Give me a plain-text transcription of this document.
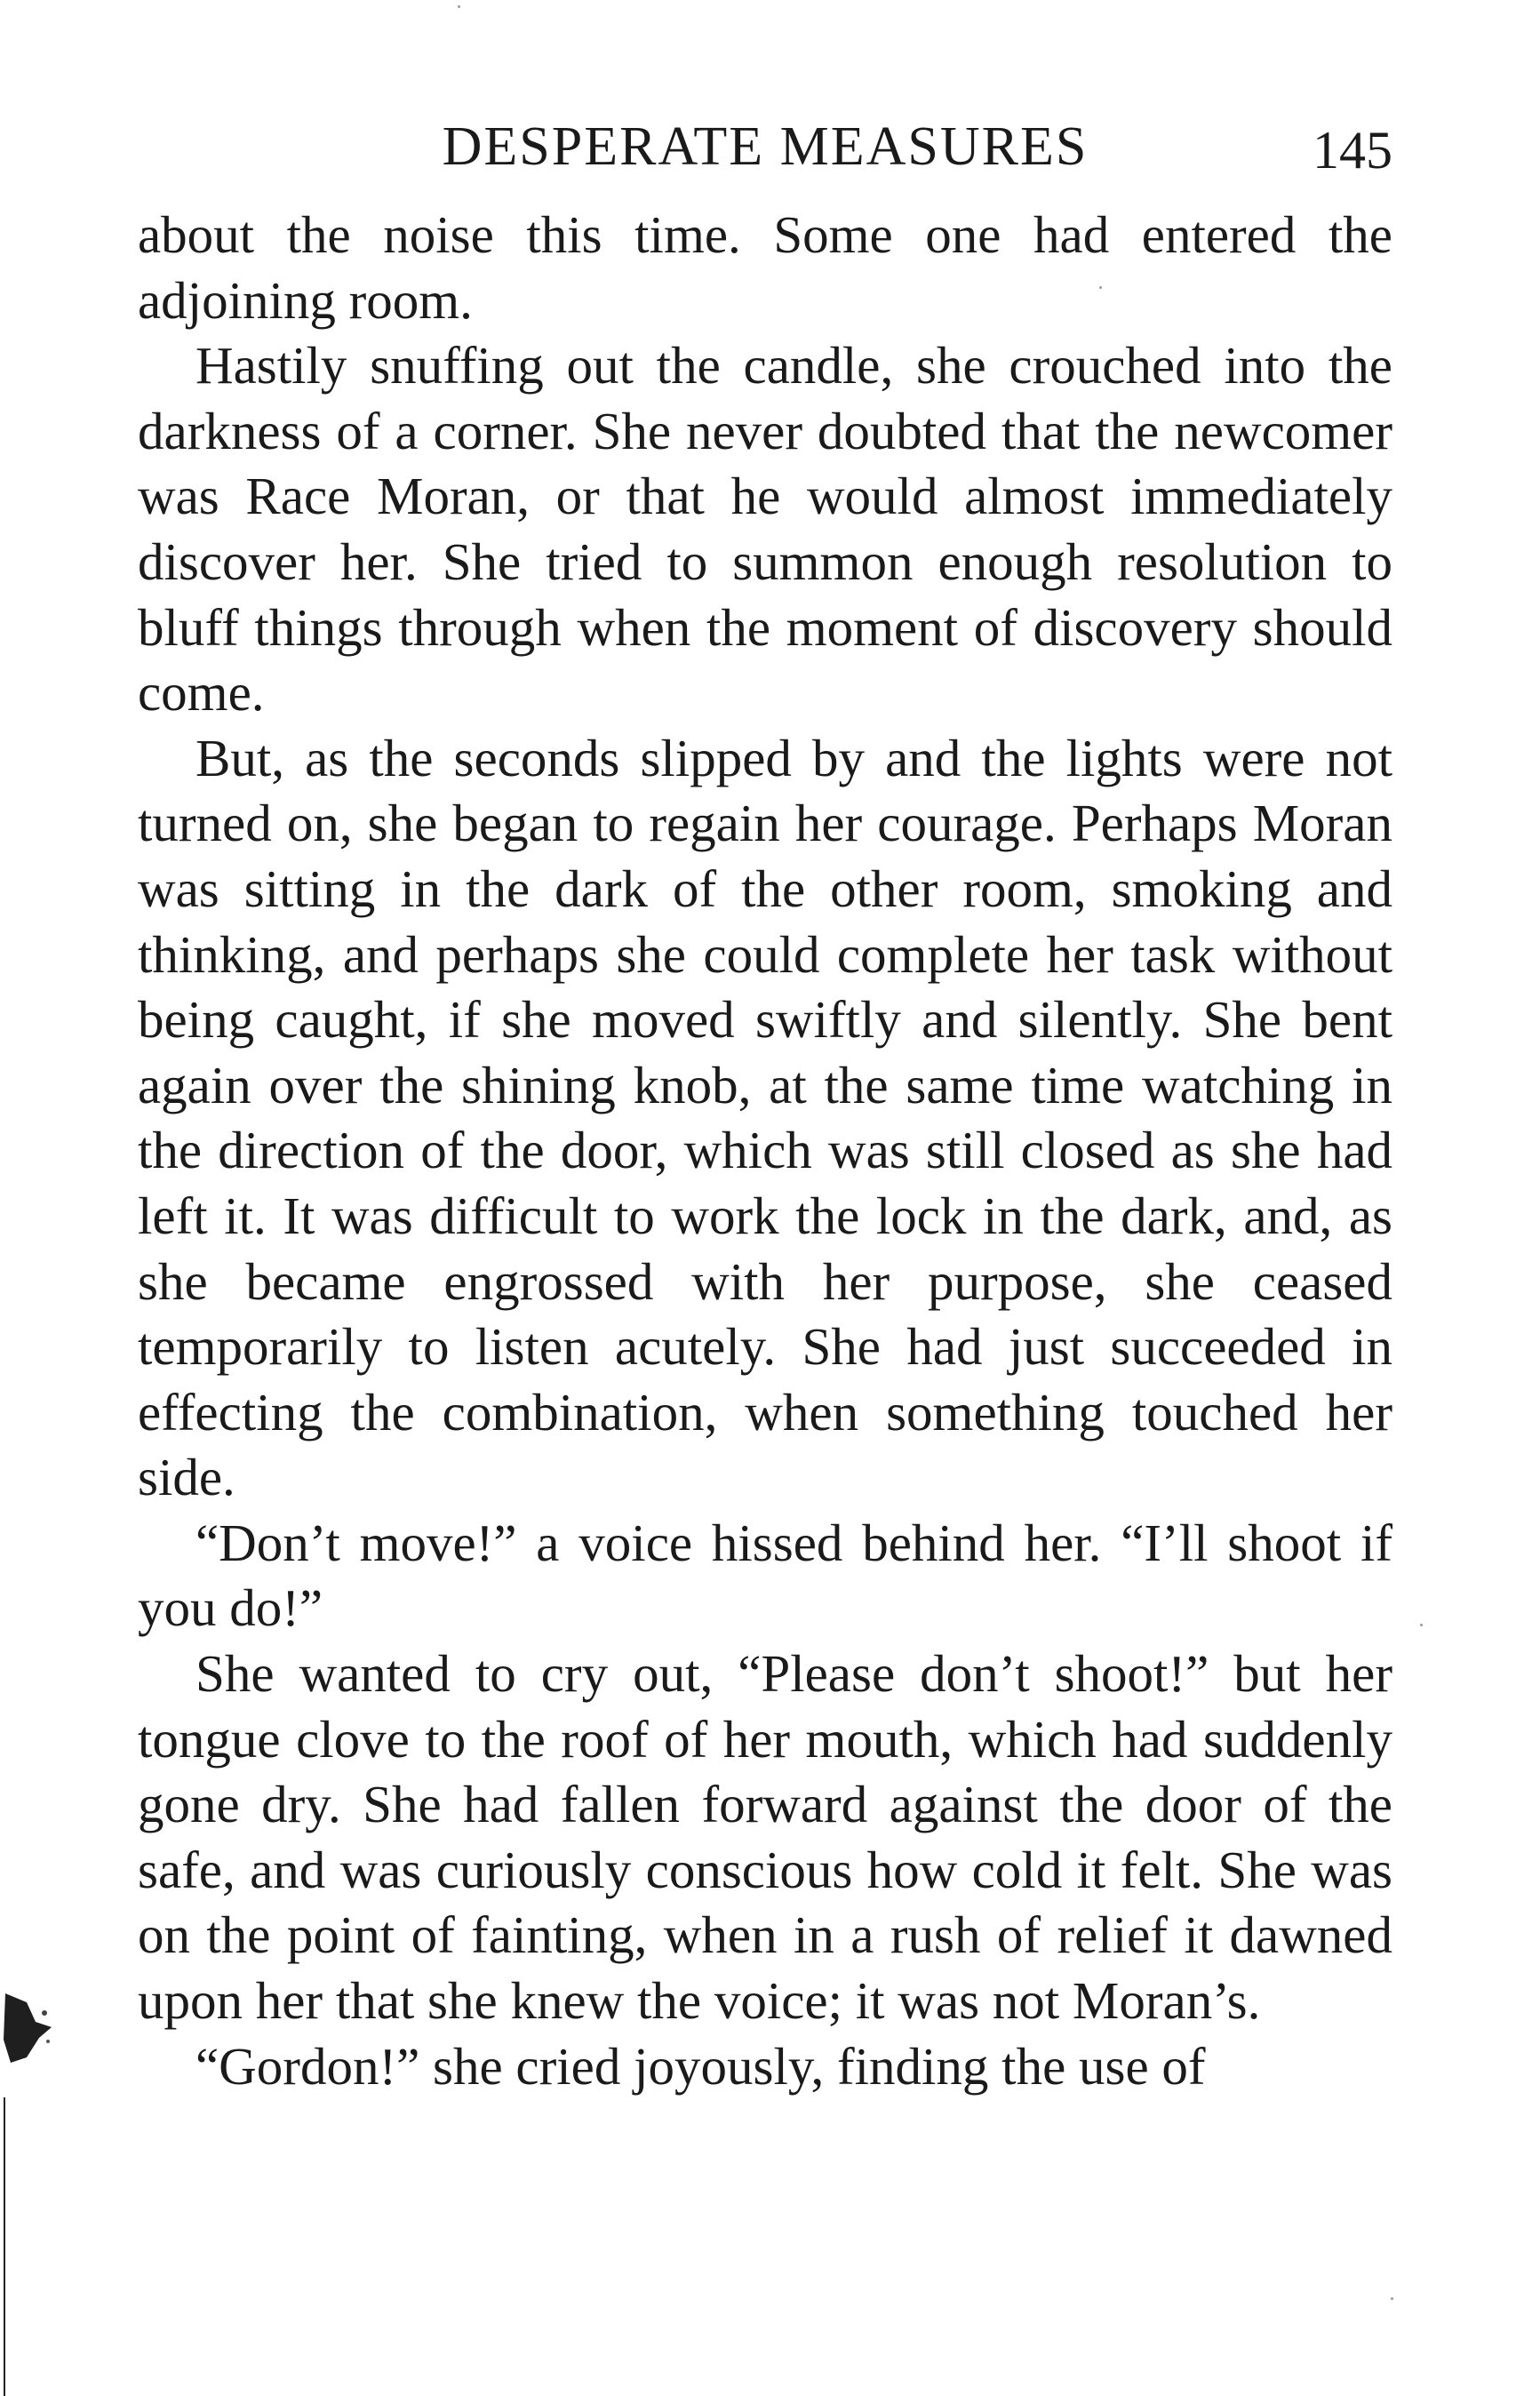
DESPERATE MEASURES	145

about the noise this time. Some one had entered the adjoining room.

Hastily snuffing out the candle, she crouched into the darkness of a corner. She never doubted that the newcomer was Race Moran, or that he would almost immediately discover her. She tried to summon enough resolution to bluff things through when the moment of discovery should come.

But, as the seconds slipped by and the lights were not turned on, she began to regain her courage. Perhaps Moran was sitting in the dark of the other room, smoking and thinking, and perhaps she could complete her task without being caught, if she moved swiftly and silently. She bent again over the shining knob, at the same time watching in the direction of the door, which was still closed as she had left it. It was difficult to work the lock in the dark, and, as she became engrossed with her purpose, she ceased temporarily to listen acutely. She had just succeeded in effecting the combination, when something touched her side.

“Don’t move!” a voice hissed behind her. “I’ll shoot if you do!”

She wanted to cry out, “Please don’t shoot!” but her tongue clove to the roof of her mouth, which had suddenly gone dry. She had fallen forward against the door of the safe, and was curiously conscious how cold it felt. She was on the point of fainting, when in a rush of relief it dawned upon her that she knew the voice; it was not Moran’s.

“Gordon!” she cried joyously, finding the use of
